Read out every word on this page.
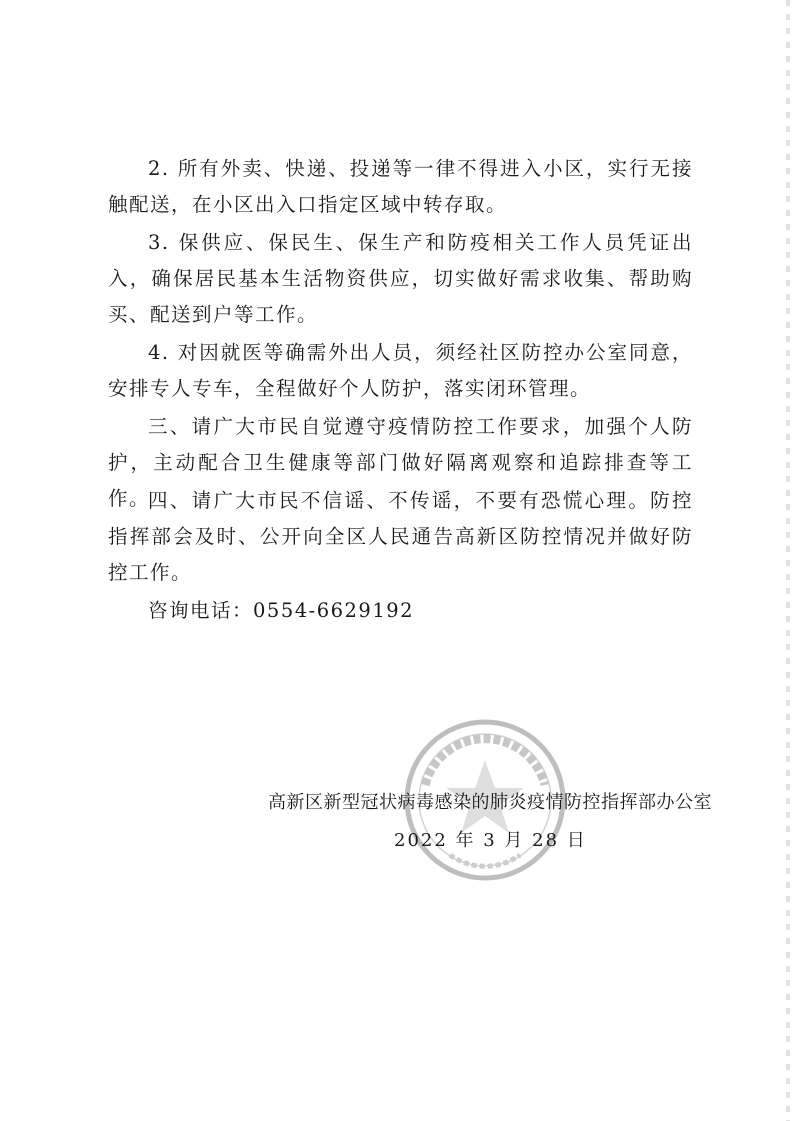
2. 所有外卖、快递、投递等一律不得进入小区，实行无接触配送，在小区出入口指定区域中转存取。

3. 保供应、保民生、保生产和防疫相关工作人员凭证出入，确保居民基本生活物资供应，切实做好需求收集、帮助购买、配送到户等工作。

4. 对因就医等确需外出人员，须经社区防控办公室同意，安排专人专车，全程做好个人防护，落实闭环管理。

三、请广大市民自觉遵守疫情防控工作要求，加强个人防护，主动配合卫生健康等部门做好隔离观察和追踪排查等工作。

四、请广大市民不信谣、不传谣，不要有恐慌心理。防控指挥部会及时、公开向全区人民通告高新区防控情况并做好防控工作。

咨询电话：0554-6629192

高新区新型冠状病毒感染的肺炎疫情防控指挥部办公室
2022 年 3 月 28 日
